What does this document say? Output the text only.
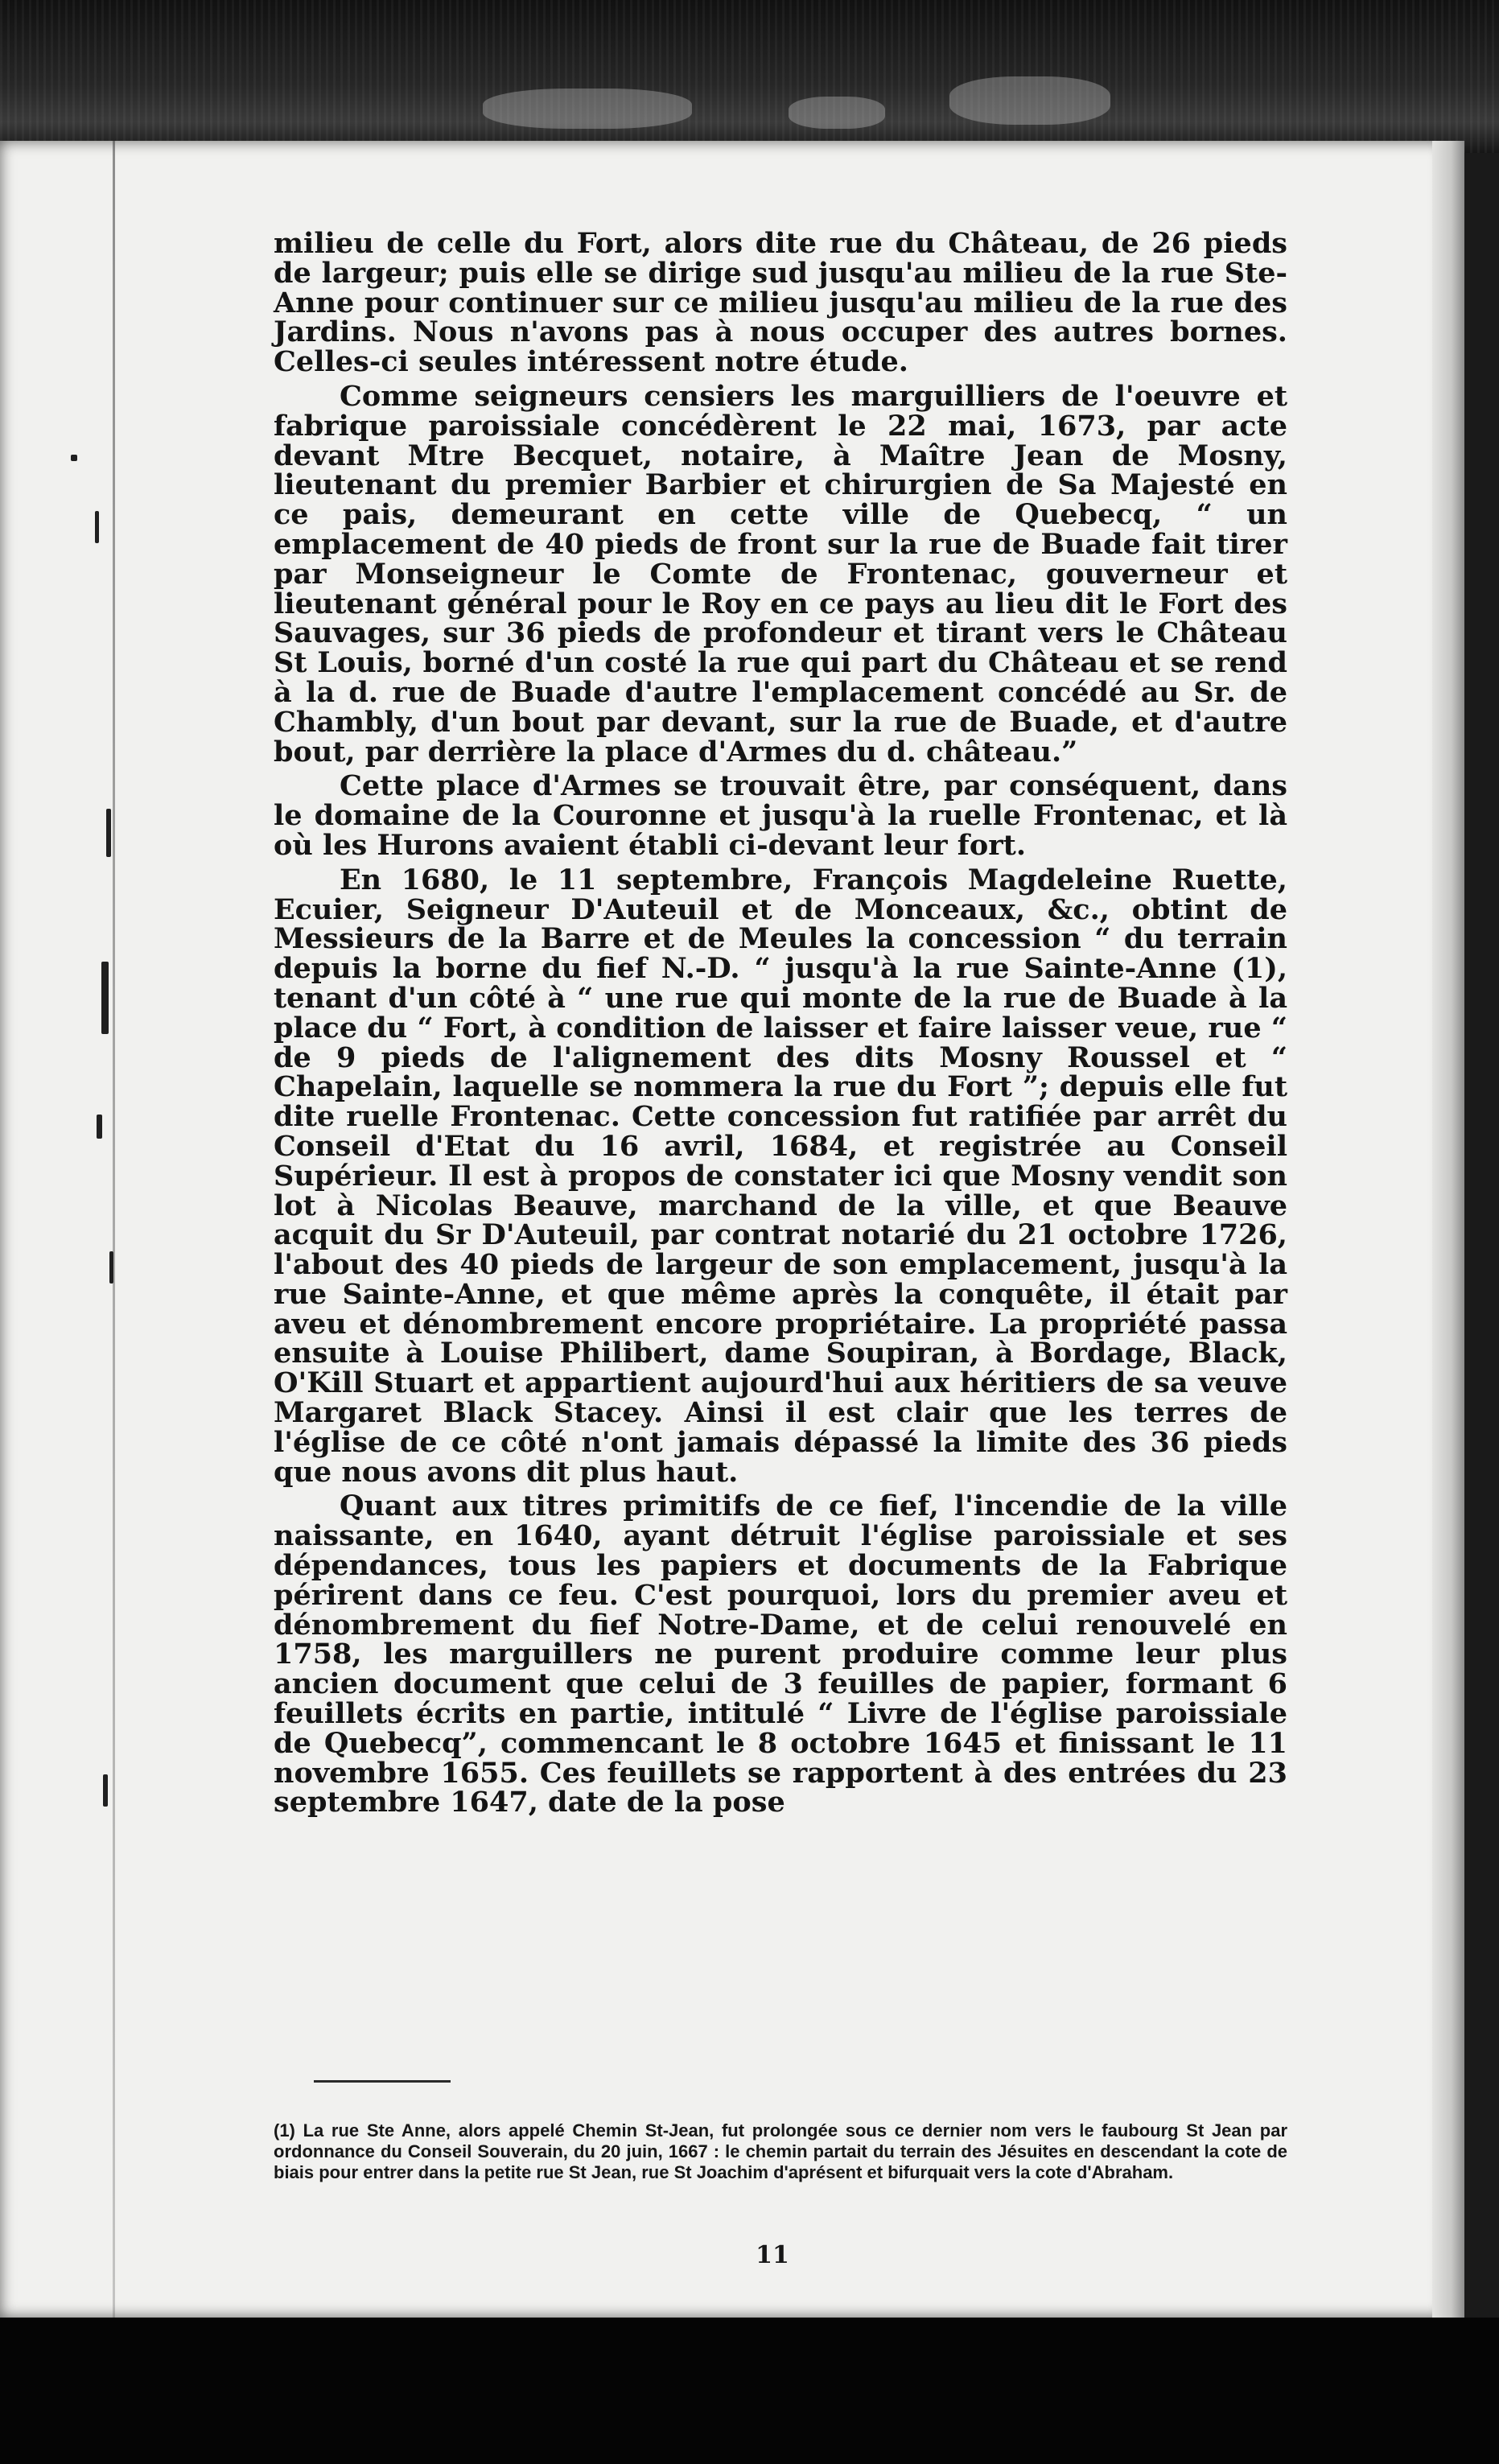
milieu de celle du Fort, alors dite rue du Château, de 26 pieds de largeur; puis elle se dirige sud jusqu'au milieu de la rue Ste-Anne pour continuer sur ce milieu jusqu'au milieu de la rue des Jardins. Nous n'avons pas à nous occuper des autres bornes. Celles-ci seules intéressent notre étude.

Comme seigneurs censiers les marguilliers de l'oeuvre et fabrique paroissiale concédèrent le 22 mai, 1673, par acte devant Mtre Becquet, notaire, à Maître Jean de Mosny, lieutenant du premier Barbier et chirurgien de Sa Majesté en ce pais, demeurant en cette ville de Quebecq, “ un emplacement de 40 pieds de front sur la rue de Buade fait tirer par Monseigneur le Comte de Frontenac, gouverneur et lieutenant général pour le Roy en ce pays au lieu dit le Fort des Sauvages, sur 36 pieds de profondeur et tirant vers le Château St Louis, borné d'un costé la rue qui part du Château et se rend à la d. rue de Buade d'autre l'emplacement concédé au Sr. de Chambly, d'un bout par devant, sur la rue de Buade, et d'autre bout, par derrière la place d'Armes du d. château.”

Cette place d'Armes se trouvait être, par conséquent, dans le domaine de la Couronne et jusqu'à la ruelle Frontenac, et là où les Hurons avaient établi ci-devant leur fort.

En 1680, le 11 septembre, François Magdeleine Ruette, Ecuier, Seigneur D'Auteuil et de Monceaux, &c., obtint de Messieurs de la Barre et de Meules la concession “ du terrain depuis la borne du fief N.-D. “ jusqu'à la rue Sainte-Anne (1), tenant d'un côté à “ une rue qui monte de la rue de Buade à la place du “ Fort, à condition de laisser et faire laisser veue, rue “ de 9 pieds de l'alignement des dits Mosny Roussel et “ Chapelain, laquelle se nommera la rue du Fort ”; depuis elle fut dite ruelle Frontenac. Cette concession fut ratifiée par arrêt du Conseil d'Etat du 16 avril, 1684, et registrée au Conseil Supérieur. Il est à propos de constater ici que Mosny vendit son lot à Nicolas Beauve, marchand de la ville, et que Beauve acquit du Sr D'Auteuil, par contrat notarié du 21 octobre 1726, l'about des 40 pieds de largeur de son emplacement, jusqu'à la rue Sainte-Anne, et que même après la conquête, il était par aveu et dénombrement encore propriétaire. La propriété passa ensuite à Louise Philibert, dame Soupiran, à Bordage, Black, O'Kill Stuart et appartient aujourd'hui aux héritiers de sa veuve Margaret Black Stacey. Ainsi il est clair que les terres de l'église de ce côté n'ont jamais dépassé la limite des 36 pieds que nous avons dit plus haut.

Quant aux titres primitifs de ce fief, l'incendie de la ville naissante, en 1640, ayant détruit l'église paroissiale et ses dépendances, tous les papiers et documents de la Fabrique périrent dans ce feu. C'est pourquoi, lors du premier aveu et dénombrement du fief Notre-Dame, et de celui renouvelé en 1758, les marguillers ne purent produire comme leur plus ancien document que celui de 3 feuilles de papier, formant 6 feuillets écrits en partie, intitulé “ Livre de l'église paroissiale de Quebecq”, commencant le 8 octobre 1645 et finissant le 11 novembre 1655. Ces feuillets se rapportent à des entrées du 23 septembre 1647, date de la pose

(1) La rue Ste Anne, alors appelé Chemin St-Jean, fut prolongée sous ce dernier nom vers le faubourg St Jean par ordonnance du Conseil Souverain, du 20 juin, 1667 : le chemin partait du terrain des Jésuites en descendant la cote de biais pour entrer dans la petite rue St Jean, rue St Joachim d'aprésent et bifurquait vers la cote d'Abraham.
11
